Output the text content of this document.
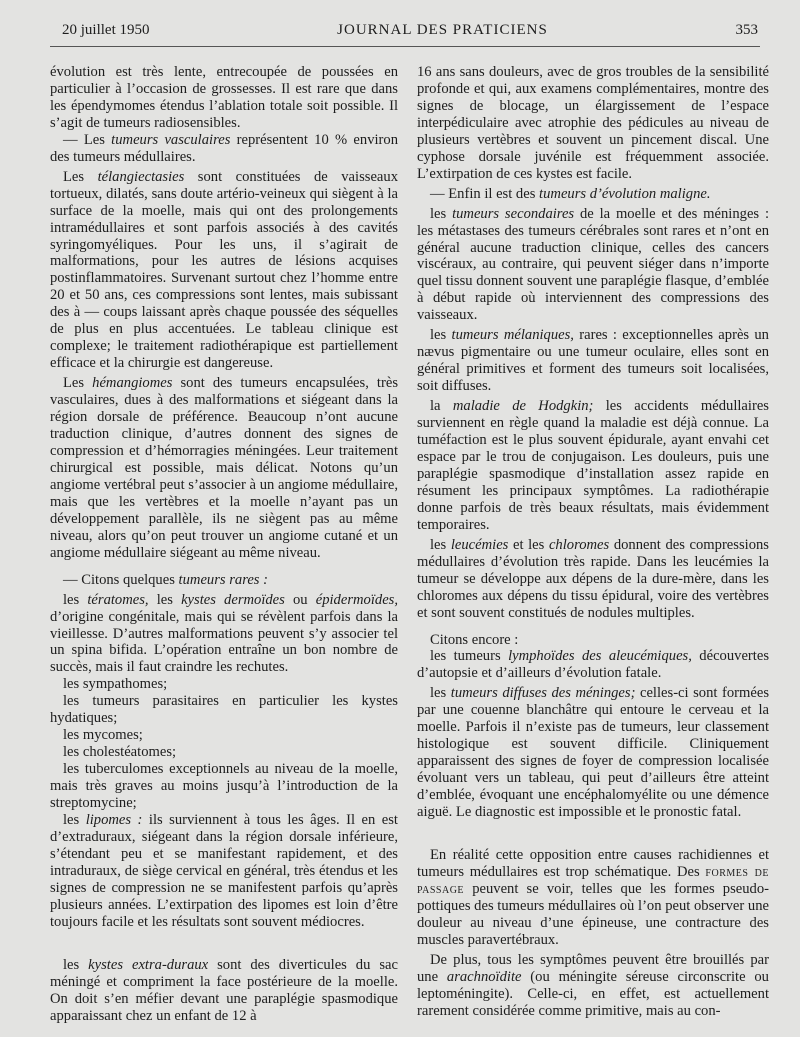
20 juillet 1950	JOURNAL DES PRATICIENS	353

évolution est très lente, entrecoupée de poussées en particulier à l’occasion de grossesses. Il est rare que dans les épendymomes étendus l’ablation totale soit possible. Il s’agit de tumeurs radiosensibles.

— Les tumeurs vasculaires représentent 10 % environ des tumeurs médullaires.

Les télangiectasies sont constituées de vaisseaux tortueux, dilatés, sans doute artério-veineux qui siègent à la surface de la moelle, mais qui ont des prolongements intramédullaires et sont parfois associés à des cavités syringomyéliques. Pour les uns, il s’agirait de malformations, pour les autres de lésions acquises postinflammatoires. Survenant surtout chez l’homme entre 20 et 50 ans, ces compressions sont lentes, mais subissant des à — coups laissant après chaque poussée des séquelles de plus en plus accentuées. Le tableau clinique est complexe; le traitement radiothérapique est partiellement efficace et la chirurgie est dangereuse.

Les hémangiomes sont des tumeurs encapsulées, très vasculaires, dues à des malformations et siégeant dans la région dorsale de préférence. Beaucoup n’ont aucune traduction clinique, d’autres donnent des signes de compression et d’hémorragies méningées. Leur traitement chirurgical est possible, mais délicat. Notons qu’un angiome vertébral peut s’associer à un angiome médullaire, mais que les vertèbres et la moelle n’ayant pas un développement parallèle, ils ne siègent pas au même niveau, alors qu’on peut trouver un angiome cutané et un angiome médullaire siégeant au même niveau.

— Citons quelques tumeurs rares :

les tératomes, les kystes dermoïdes ou épidermoïdes, d’origine congénitale, mais qui se révèlent parfois dans la vieillesse. D’autres malformations peuvent s’y associer tel un spina bifida. L’opération entraîne un bon nombre de succès, mais il faut craindre les rechutes.

les sympathomes;

les tumeurs parasitaires en particulier les kystes hydatiques;

les mycomes;

les cholestéatomes;

les tuberculomes exceptionnels au niveau de la moelle, mais très graves au moins jusqu’à l’introduction de la streptomycine;

les lipomes : ils surviennent à tous les âges. Il en est d’extraduraux, siégeant dans la région dorsale inférieure, s’étendant peu et se manifestant rapidement, et des intraduraux, de siège cervical en général, très étendus et les signes de compression ne se manifestent parfois qu’après plusieurs années. L’extirpation des lipomes est loin d’être toujours facile et les résultats sont souvent médiocres.

les kystes extra-duraux sont des diverticules du sac méningé et compriment la face postérieure de la moelle. On doit s’en méfier devant une paraplégie spasmodique apparaissant chez un enfant de 12 à

16 ans sans douleurs, avec de gros troubles de la sensibilité profonde et qui, aux examens complémentaires, montre des signes de blocage, un élargissement de l’espace interpédiculaire avec atrophie des pédicules au niveau de plusieurs vertèbres et souvent un pincement discal. Une cyphose dorsale juvénile est fréquemment associée. L’extirpation de ces kystes est facile.

— Enfin il est des tumeurs d’évolution maligne.

les tumeurs secondaires de la moelle et des méninges : les métastases des tumeurs cérébrales sont rares et n’ont en général aucune traduction clinique, celles des cancers viscéraux, au contraire, qui peuvent siéger dans n’importe quel tissu donnent souvent une paraplégie flasque, d’emblée à début rapide où interviennent des compressions des vaisseaux.

les tumeurs mélaniques, rares : exceptionnelles après un nævus pigmentaire ou une tumeur oculaire, elles sont en général primitives et forment des tumeurs soit localisées, soit diffuses.

la maladie de Hodgkin; les accidents médullaires surviennent en règle quand la maladie est déjà connue. La tuméfaction est le plus souvent épidurale, ayant envahi cet espace par le trou de conjugaison. Les douleurs, puis une paraplégie spasmodique d’installation assez rapide en résument les principaux symptômes. La radiothérapie donne parfois de très beaux résultats, mais évidemment temporaires.

les leucémies et les chloromes donnent des compressions médullaires d’évolution très rapide. Dans les leucémies la tumeur se développe aux dépens de la dure-mère, dans les chloromes aux dépens du tissu épidural, voire des vertèbres et sont souvent constitués de nodules multiples.

Citons encore :

les tumeurs lymphoïdes des aleucémiques, découvertes d’autopsie et d’ailleurs d’évolution fatale.

les tumeurs diffuses des méninges; celles-ci sont formées par une couenne blanchâtre qui entoure le cerveau et la moelle. Parfois il n’existe pas de tumeurs, leur classement histologique est souvent difficile. Cliniquement apparaissent des signes de foyer de compression localisée évoluant vers un tableau, qui peut d’ailleurs être atteint d’emblée, évoquant une encéphalomyélite ou une démence aiguë. Le diagnostic est impossible et le pronostic fatal.

En réalité cette opposition entre causes rachidiennes et tumeurs médullaires est trop schématique. Des formes de passage peuvent se voir, telles que les formes pseudo-pottiques des tumeurs médullaires où l’on peut observer une douleur au niveau d’une épineuse, une contracture des muscles paravertébraux.

De plus, tous les symptômes peuvent être brouillés par une arachnoïdite (ou méningite séreuse circonscrite ou leptoméningite). Celle-ci, en effet, est actuellement rarement considérée comme primitive, mais au con-
